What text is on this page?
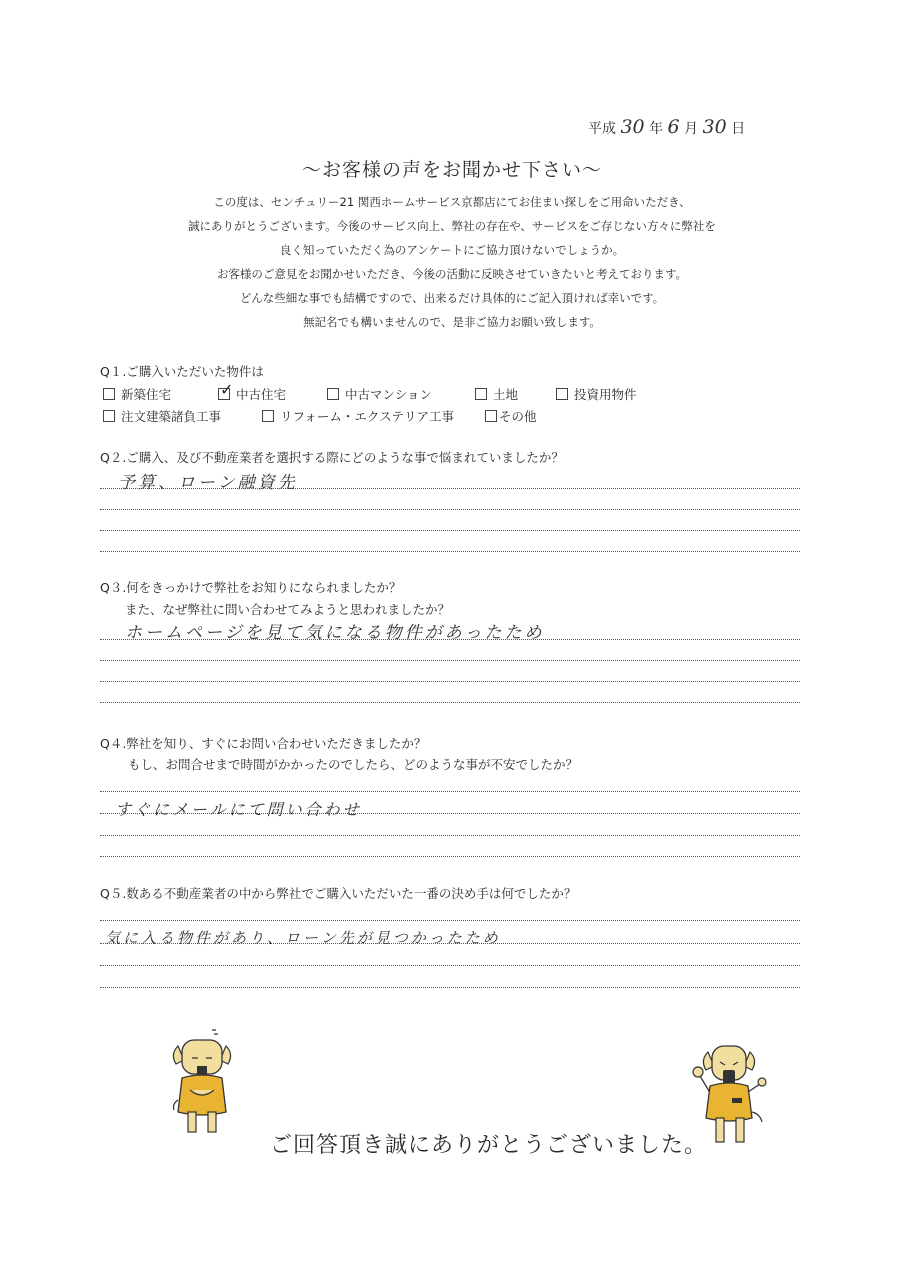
平成 30 年 6 月 30 日
～お客様の声をお聞かせ下さい～
この度は、センチュリー21 関西ホームサービス京都店にてお住まい探しをご用命いただき、
誠にありがとうございます。今後のサービス向上、弊社の存在や、サービスをご存じない方々に弊社を
良く知っていただく為のアンケートにご協力頂けないでしょうか。
お客様のご意見をお聞かせいただき、今後の活動に反映させていきたいと考えております。
どんな些細な事でも結構ですので、出来るだけ具体的にご記入頂ければ幸いです。
無記名でも構いませんので、是非ご協力お願い致します。
Q１.ご購入いただいた物件は
新築住宅
✓	中古住宅	中古マンション	土地	投資用物件
注文建築諸負工事	リフォーム・エクステリア工事	その他
Q２.ご購入、及び不動産業者を選択する際にどのような事で悩まれていましたか？
予算、ローン融資先
Q３.何をきっかけで弊社をお知りになられましたか？
また、なぜ弊社に問い合わせてみようと思われましたか？
ホームページを見て気になる物件があったため
Q４.弊社を知り、すぐにお問い合わせいただきましたか？
もし、お問合せまで時間がかかったのでしたら、どのような事が不安でしたか？
すぐにメールにて問い合わせ
Q５.数ある不動産業者の中から弊社でご購入いただいた一番の決め手は何でしたか？
気に入る物件があり、ローン先が見つかったため
ご回答頂き誠にありがとうございました。
